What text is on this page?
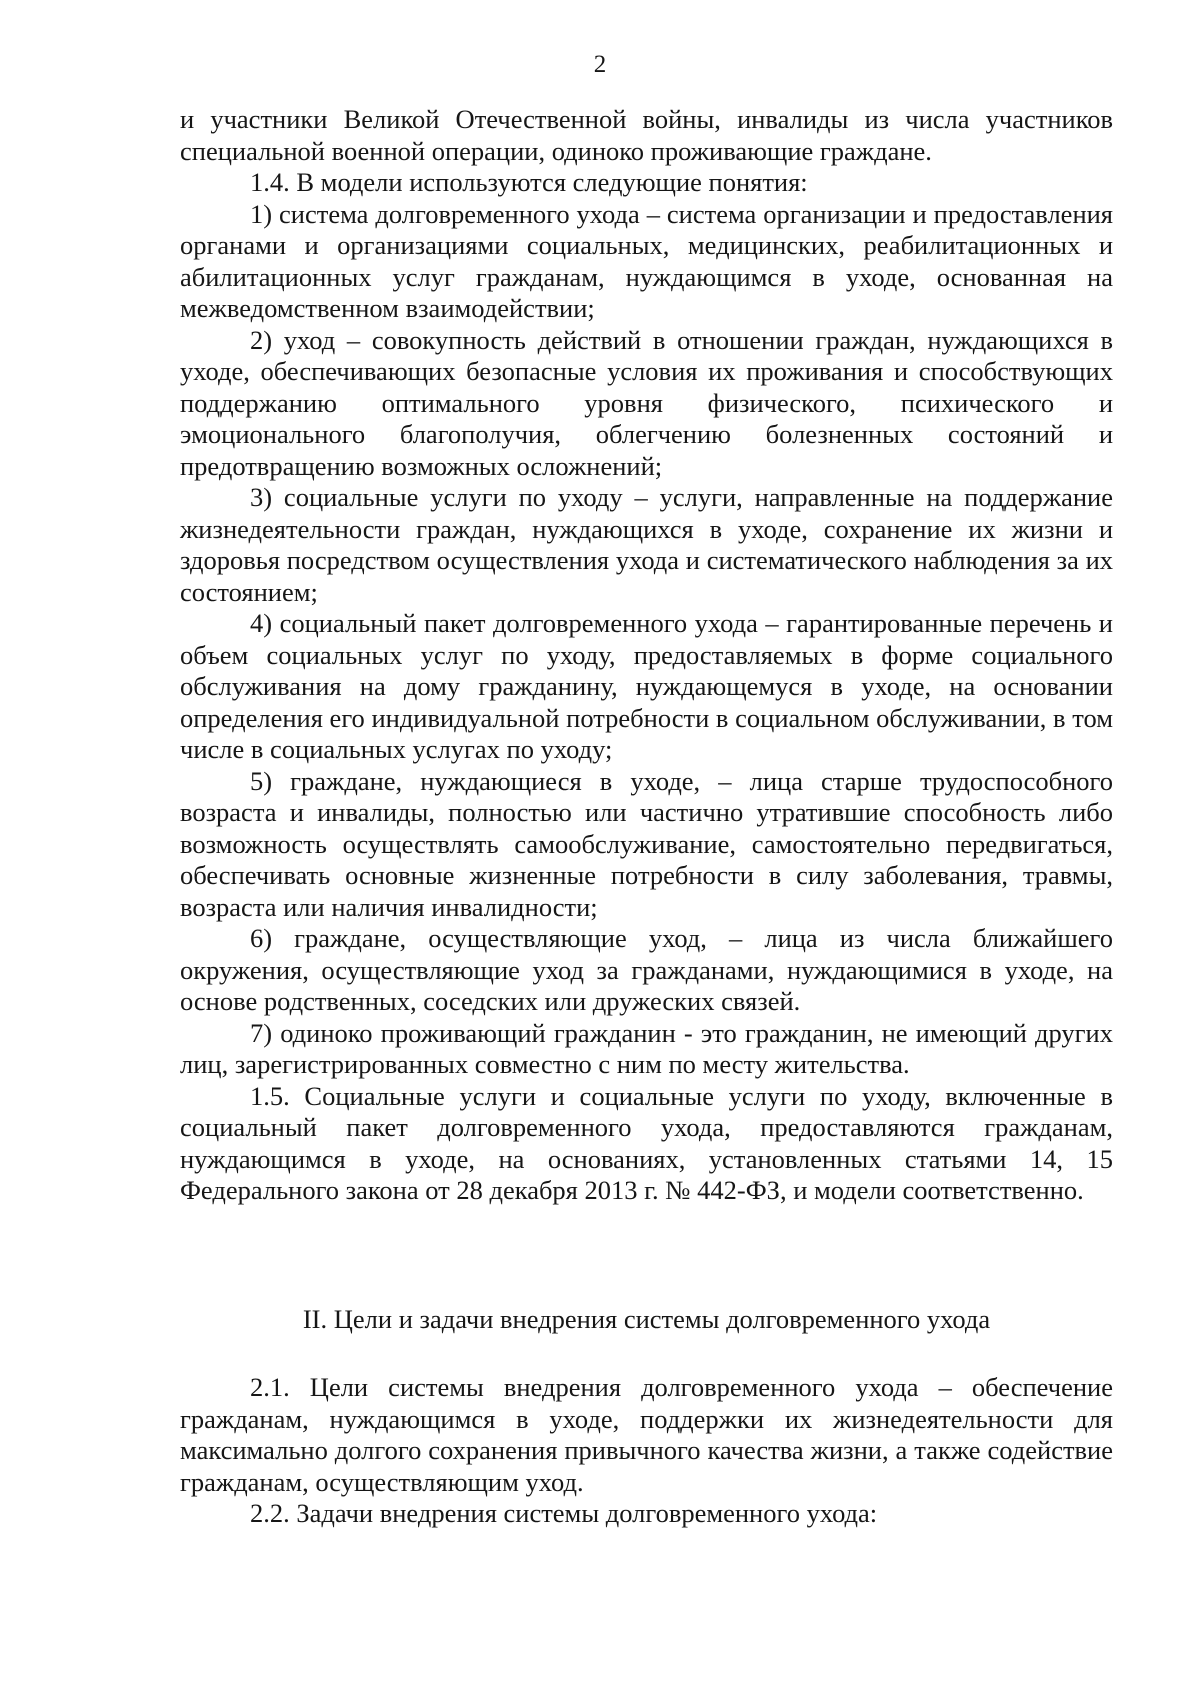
2

и участники Великой Отечественной войны, инвалиды из числа участников специальной военной операции, одиноко проживающие граждане.

1.4. В модели используются следующие понятия:

1) система долговременного ухода – система организации и предоставления органами и организациями социальных, медицинских, реабилитационных и абилитационных услуг гражданам, нуждающимся в уходе, основанная на межведомственном взаимодействии;

2) уход – совокупность действий в отношении граждан, нуждающихся в уходе, обеспечивающих безопасные условия их проживания и способствующих поддержанию оптимального уровня физического, психического и эмоционального благополучия, облегчению болезненных состояний и предотвращению возможных осложнений;

3) социальные услуги по уходу – услуги, направленные на поддержание жизнедеятельности граждан, нуждающихся в уходе, сохранение их жизни и здоровья посредством осуществления ухода и систематического наблюдения за их состоянием;

4) социальный пакет долговременного ухода – гарантированные перечень и объем социальных услуг по уходу, предоставляемых в форме социального обслуживания на дому гражданину, нуждающемуся в уходе, на основании определения его индивидуальной потребности в социальном обслуживании, в том числе в социальных услугах по уходу;

5) граждане, нуждающиеся в уходе, – лица старше трудоспособного возраста и инвалиды, полностью или частично утратившие способность либо возможность осуществлять самообслуживание, самостоятельно передвигаться, обеспечивать основные жизненные потребности в силу заболевания, травмы, возраста или наличия инвалидности;

6) граждане, осуществляющие уход, – лица из числа ближайшего окружения, осуществляющие уход за гражданами, нуждающимися в уходе, на основе родственных, соседских или дружеских связей.

7) одиноко проживающий гражданин - это гражданин, не имеющий других лиц, зарегистрированных совместно с ним по месту жительства.

1.5. Социальные услуги и социальные услуги по уходу, включенные в социальный пакет долговременного ухода, предоставляются гражданам, нуждающимся в уходе, на основаниях, установленных статьями 14, 15 Федерального закона от 28 декабря 2013 г. № 442-ФЗ, и модели соответственно.

II. Цели и задачи внедрения системы долговременного ухода

2.1. Цели системы внедрения долговременного ухода – обеспечение гражданам, нуждающимся в уходе, поддержки их жизнедеятельности для максимально долгого сохранения привычного качества жизни, а также содействие гражданам, осуществляющим уход.

2.2. Задачи внедрения системы долговременного ухода:
